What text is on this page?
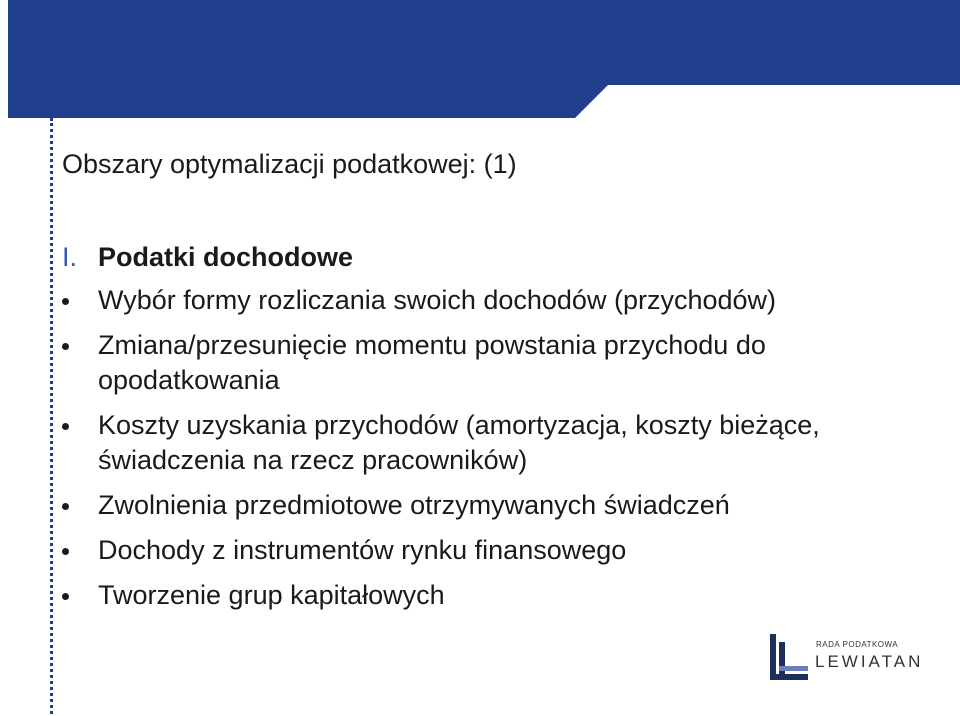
Obszary optymalizacji podatkowej: (1)
I. Podatki dochodowe
Wybór formy rozliczania swoich dochodów (przychodów)
Zmiana/przesunięcie momentu powstania przychodu do opodatkowania
Koszty uzyskania przychodów (amortyzacja, koszty bieżące, świadczenia na rzecz pracowników)
Zwolnienia przedmiotowe otrzymywanych świadczeń
Dochody z instrumentów rynku finansowego
Tworzenie grup kapitałowych
RADA PODATKOWA
LEWIATAN
